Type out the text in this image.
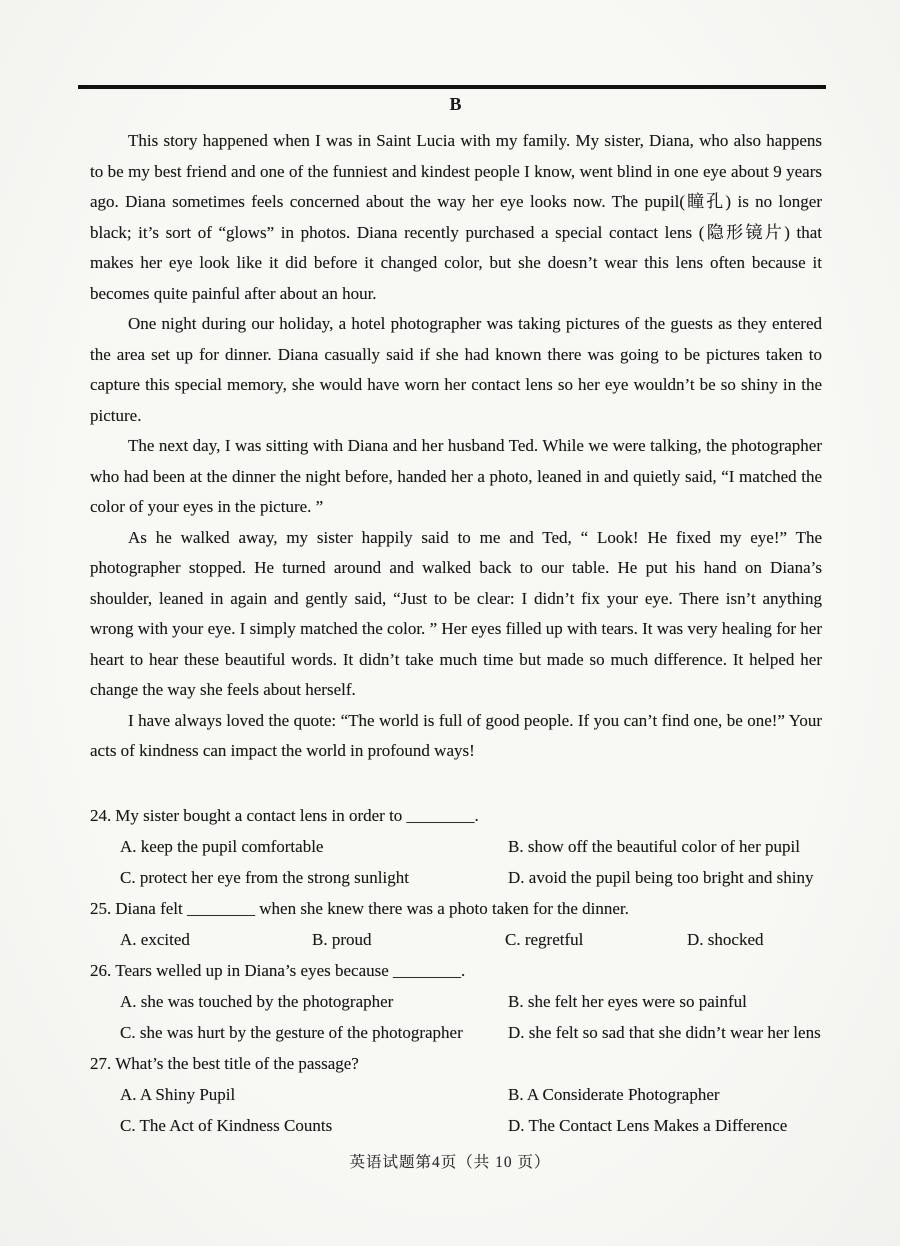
B

This story happened when I was in Saint Lucia with my family. My sister, Diana, who also happens to be my best friend and one of the funniest and kindest people I know, went blind in one eye about 9 years ago. Diana sometimes feels concerned about the way her eye looks now. The pupil(瞳孔) is no longer black; it’s sort of “glows” in photos. Diana recently purchased a special contact lens (隐形镜片) that makes her eye look like it did before it changed color, but she doesn’t wear this lens often because it becomes quite painful after about an hour.

One night during our holiday, a hotel photographer was taking pictures of the guests as they entered the area set up for dinner. Diana casually said if she had known there was going to be pictures taken to capture this special memory, she would have worn her contact lens so her eye wouldn’t be so shiny in the picture.

The next day, I was sitting with Diana and her husband Ted. While we were talking, the photographer who had been at the dinner the night before, handed her a photo, leaned in and quietly said, “I matched the color of your eyes in the picture. ”

As he walked away, my sister happily said to me and Ted, “ Look! He fixed my eye!” The photographer stopped. He turned around and walked back to our table. He put his hand on Diana’s shoulder, leaned in again and gently said, “Just to be clear: I didn’t fix your eye. There isn’t anything wrong with your eye. I simply matched the color. ” Her eyes filled up with tears. It was very healing for her heart to hear these beautiful words. It didn’t take much time but made so much difference. It helped her change the way she feels about herself.

I have always loved the quote: “The world is full of good people. If you can’t find one, be one!” Your acts of kindness can impact the world in profound ways!

24. My sister bought a contact lens in order to ________.
A. keep the pupil comfortable	B. show off the beautiful color of her pupil
C. protect her eye from the strong sunlight	D. avoid the pupil being too bright and shiny
25. Diana felt ________ when she knew there was a photo taken for the dinner.
A. excited	B. proud	C. regretful	D. shocked
26. Tears welled up in Diana’s eyes because ________.
A. she was touched by the photographer	B. she felt her eyes were so painful
C. she was hurt by the gesture of the photographer	D. she felt so sad that she didn’t wear her lens
27. What’s the best title of the passage?
A. A Shiny Pupil	B. A Considerate Photographer
C. The Act of Kindness Counts	D. The Contact Lens Makes a Difference
英语试题第4页（共 10 页）
